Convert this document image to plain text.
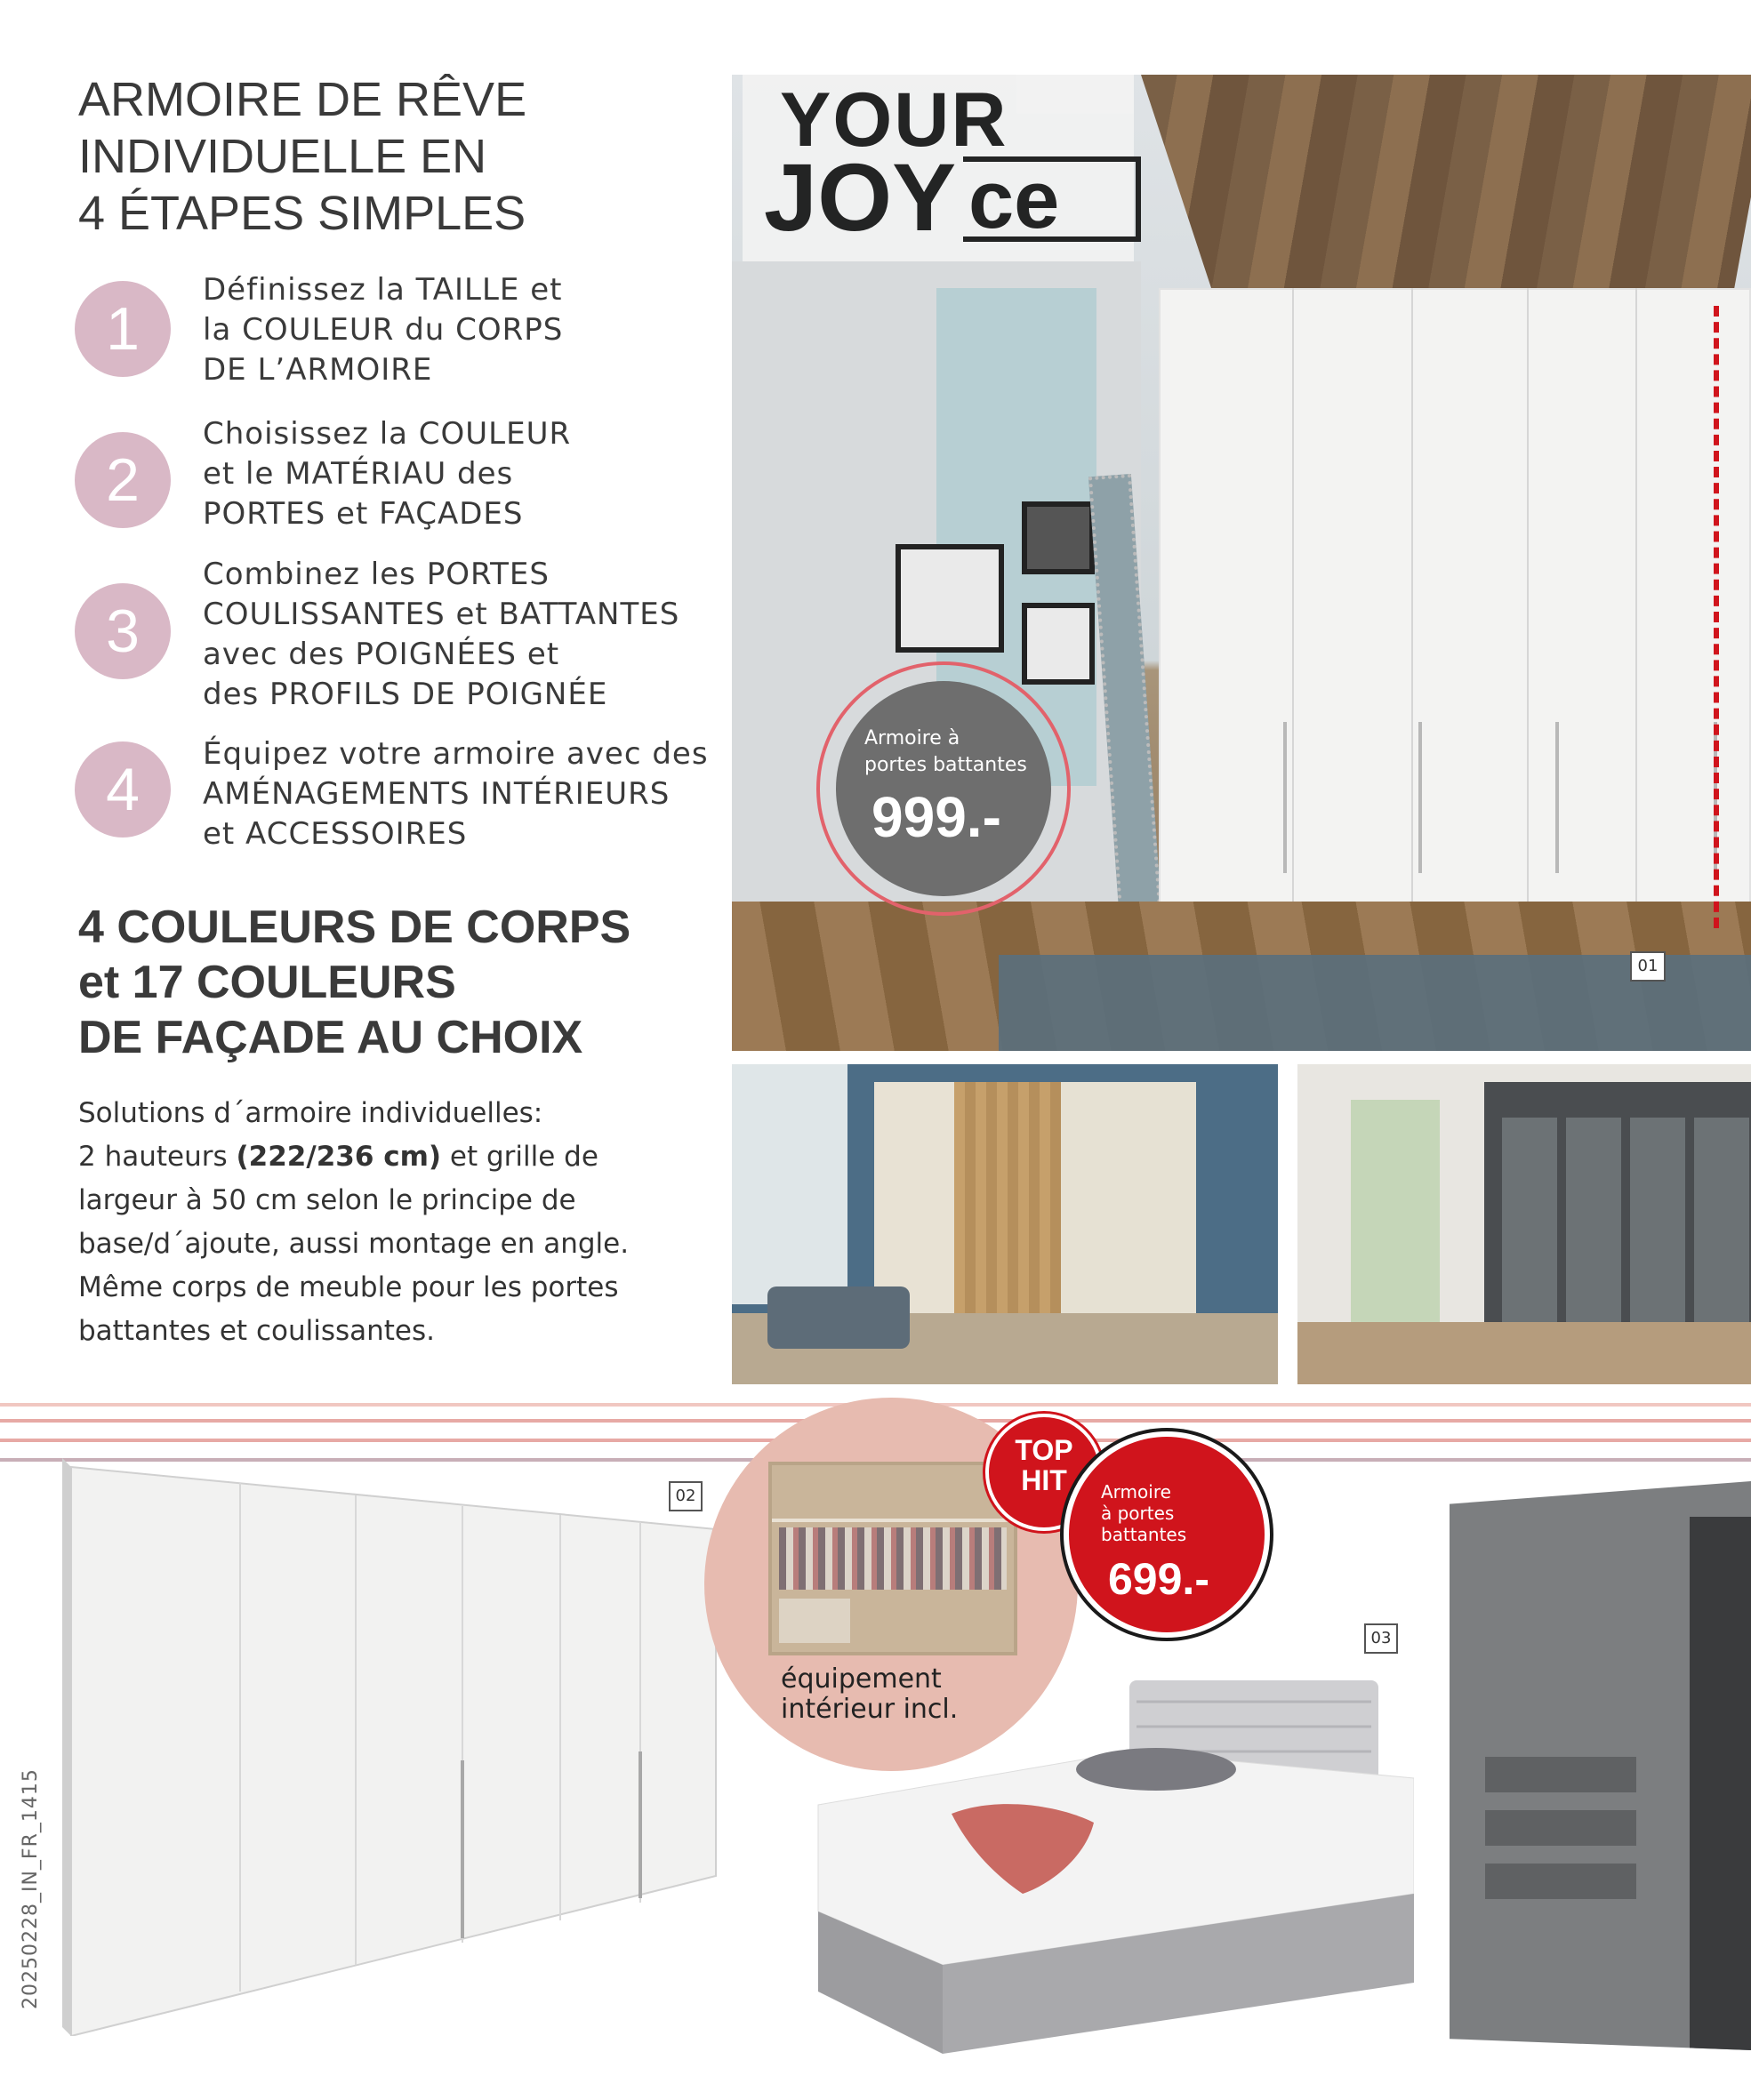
ARMOIRE DE RÊVE
INDIVIDUELLE EN
4 ÉTAPES SIMPLES
1
Définissez la TAILLE et
la COULEUR du CORPS
DE L’ARMOIRE
2
Choisissez la COULEUR
et le MATÉRIAU des
PORTES et FAÇADES
3
Combinez les PORTES
COULISSANTES et BATTANTES
avec des POIGNÉES et
des PROFILS DE POIGNÉE
4
Équipez votre armoire avec des
AMÉNAGEMENTS INTÉRIEURS
et ACCESSOIRES
4 COULEURS DE CORPS
et 17 COULEURS
DE FAÇADE AU CHOIX
Solutions d´armoire individuelles:
2 hauteurs (222/236 cm) et grille de
largeur à 50 cm selon le principe de
base/d´ajoute, aussi montage en angle.
Même corps de meuble pour les portes
battantes et coulissantes.
20250228_IN_FR_1415
YOUR
JOY ce
Armoire à
portes battantes
999.-
01
02
équipement
intérieur incl.
TOP
HIT	Armoire
à portes
battantes
699.-
03
